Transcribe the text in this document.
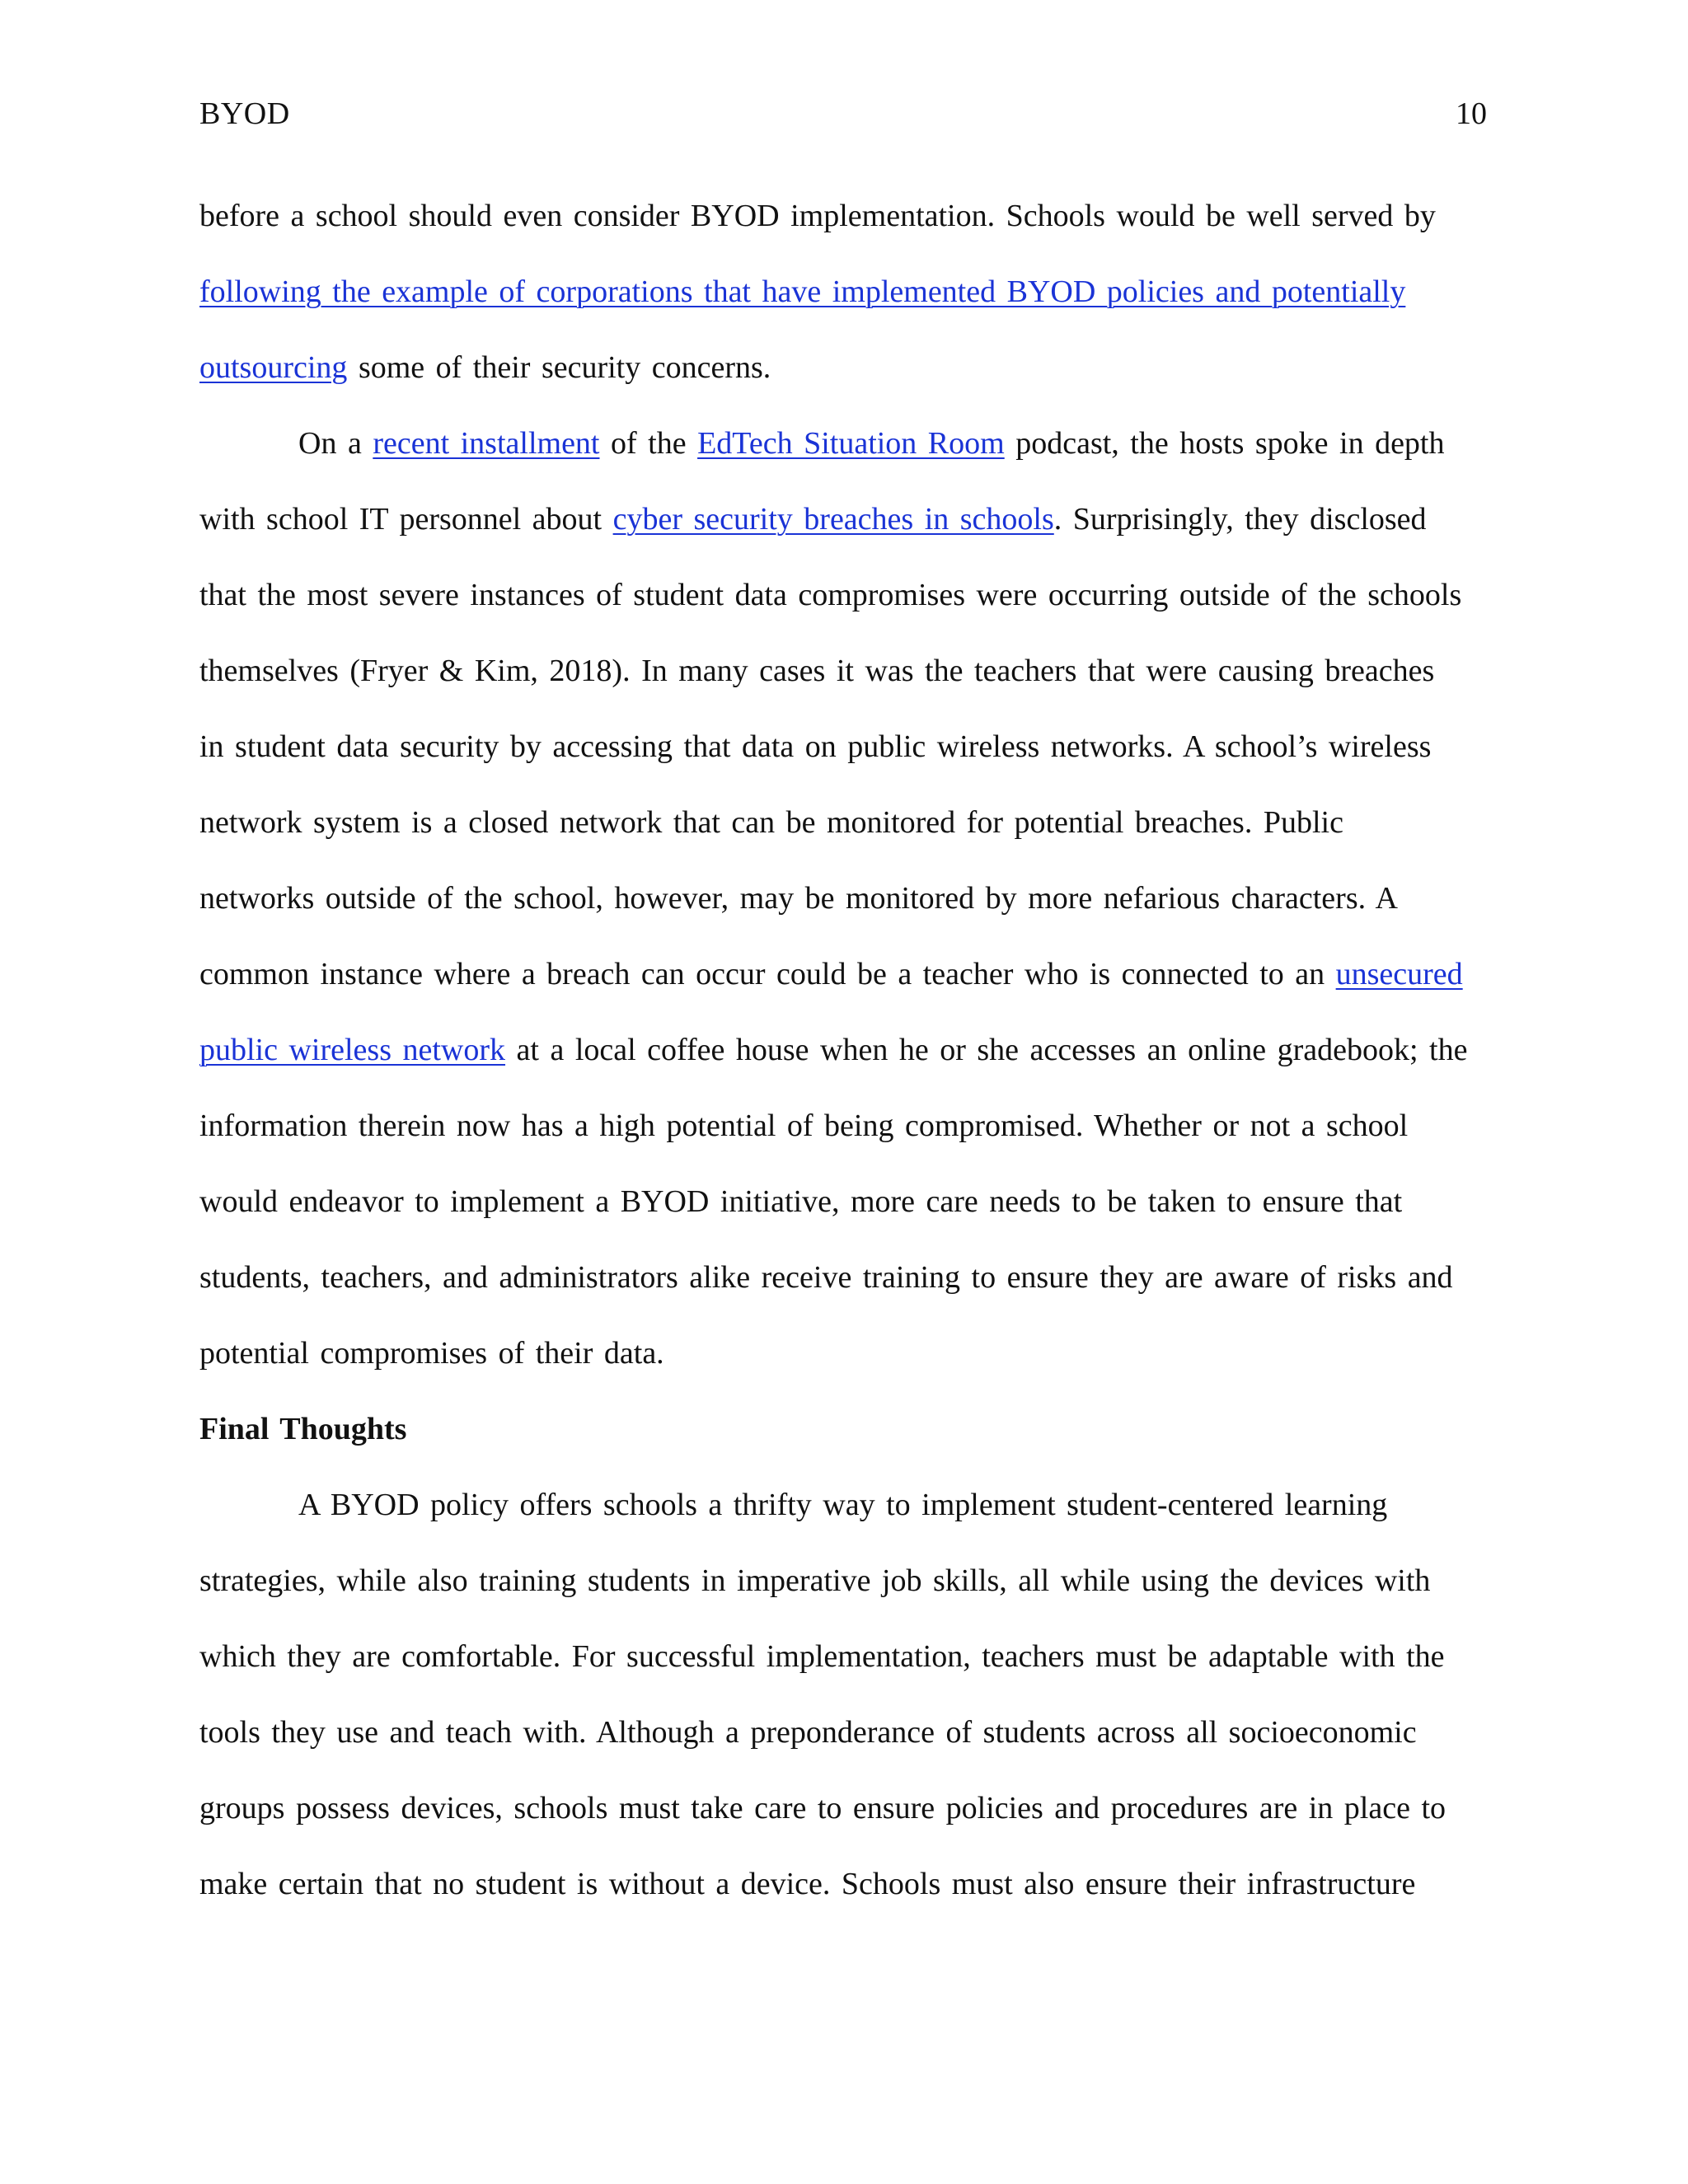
BYOD	10
before a school should even consider BYOD implementation. Schools would be well served by
following the example of corporations that have implemented BYOD policies and potentially
outsourcing some of their security concerns.
On a recent installment of the EdTech Situation Room podcast, the hosts spoke in depth
with school IT personnel about cyber security breaches in schools. Surprisingly, they disclosed
that the most severe instances of student data compromises were occurring outside of the schools
themselves (Fryer & Kim, 2018). In many cases it was the teachers that were causing breaches
in student data security by accessing that data on public wireless networks. A school’s wireless
network system is a closed network that can be monitored for potential breaches. Public
networks outside of the school, however, may be monitored by more nefarious characters. A
common instance where a breach can occur could be a teacher who is connected to an unsecured
public wireless network at a local coffee house when he or she accesses an online gradebook; the
information therein now has a high potential of being compromised. Whether or not a school
would endeavor to implement a BYOD initiative, more care needs to be taken to ensure that
students, teachers, and administrators alike receive training to ensure they are aware of risks and
potential compromises of their data.
Final Thoughts
A BYOD policy offers schools a thrifty way to implement student-centered learning
strategies, while also training students in imperative job skills, all while using the devices with
which they are comfortable. For successful implementation, teachers must be adaptable with the
tools they use and teach with. Although a preponderance of students across all socioeconomic
groups possess devices, schools must take care to ensure policies and procedures are in place to
make certain that no student is without a device. Schools must also ensure their infrastructure
